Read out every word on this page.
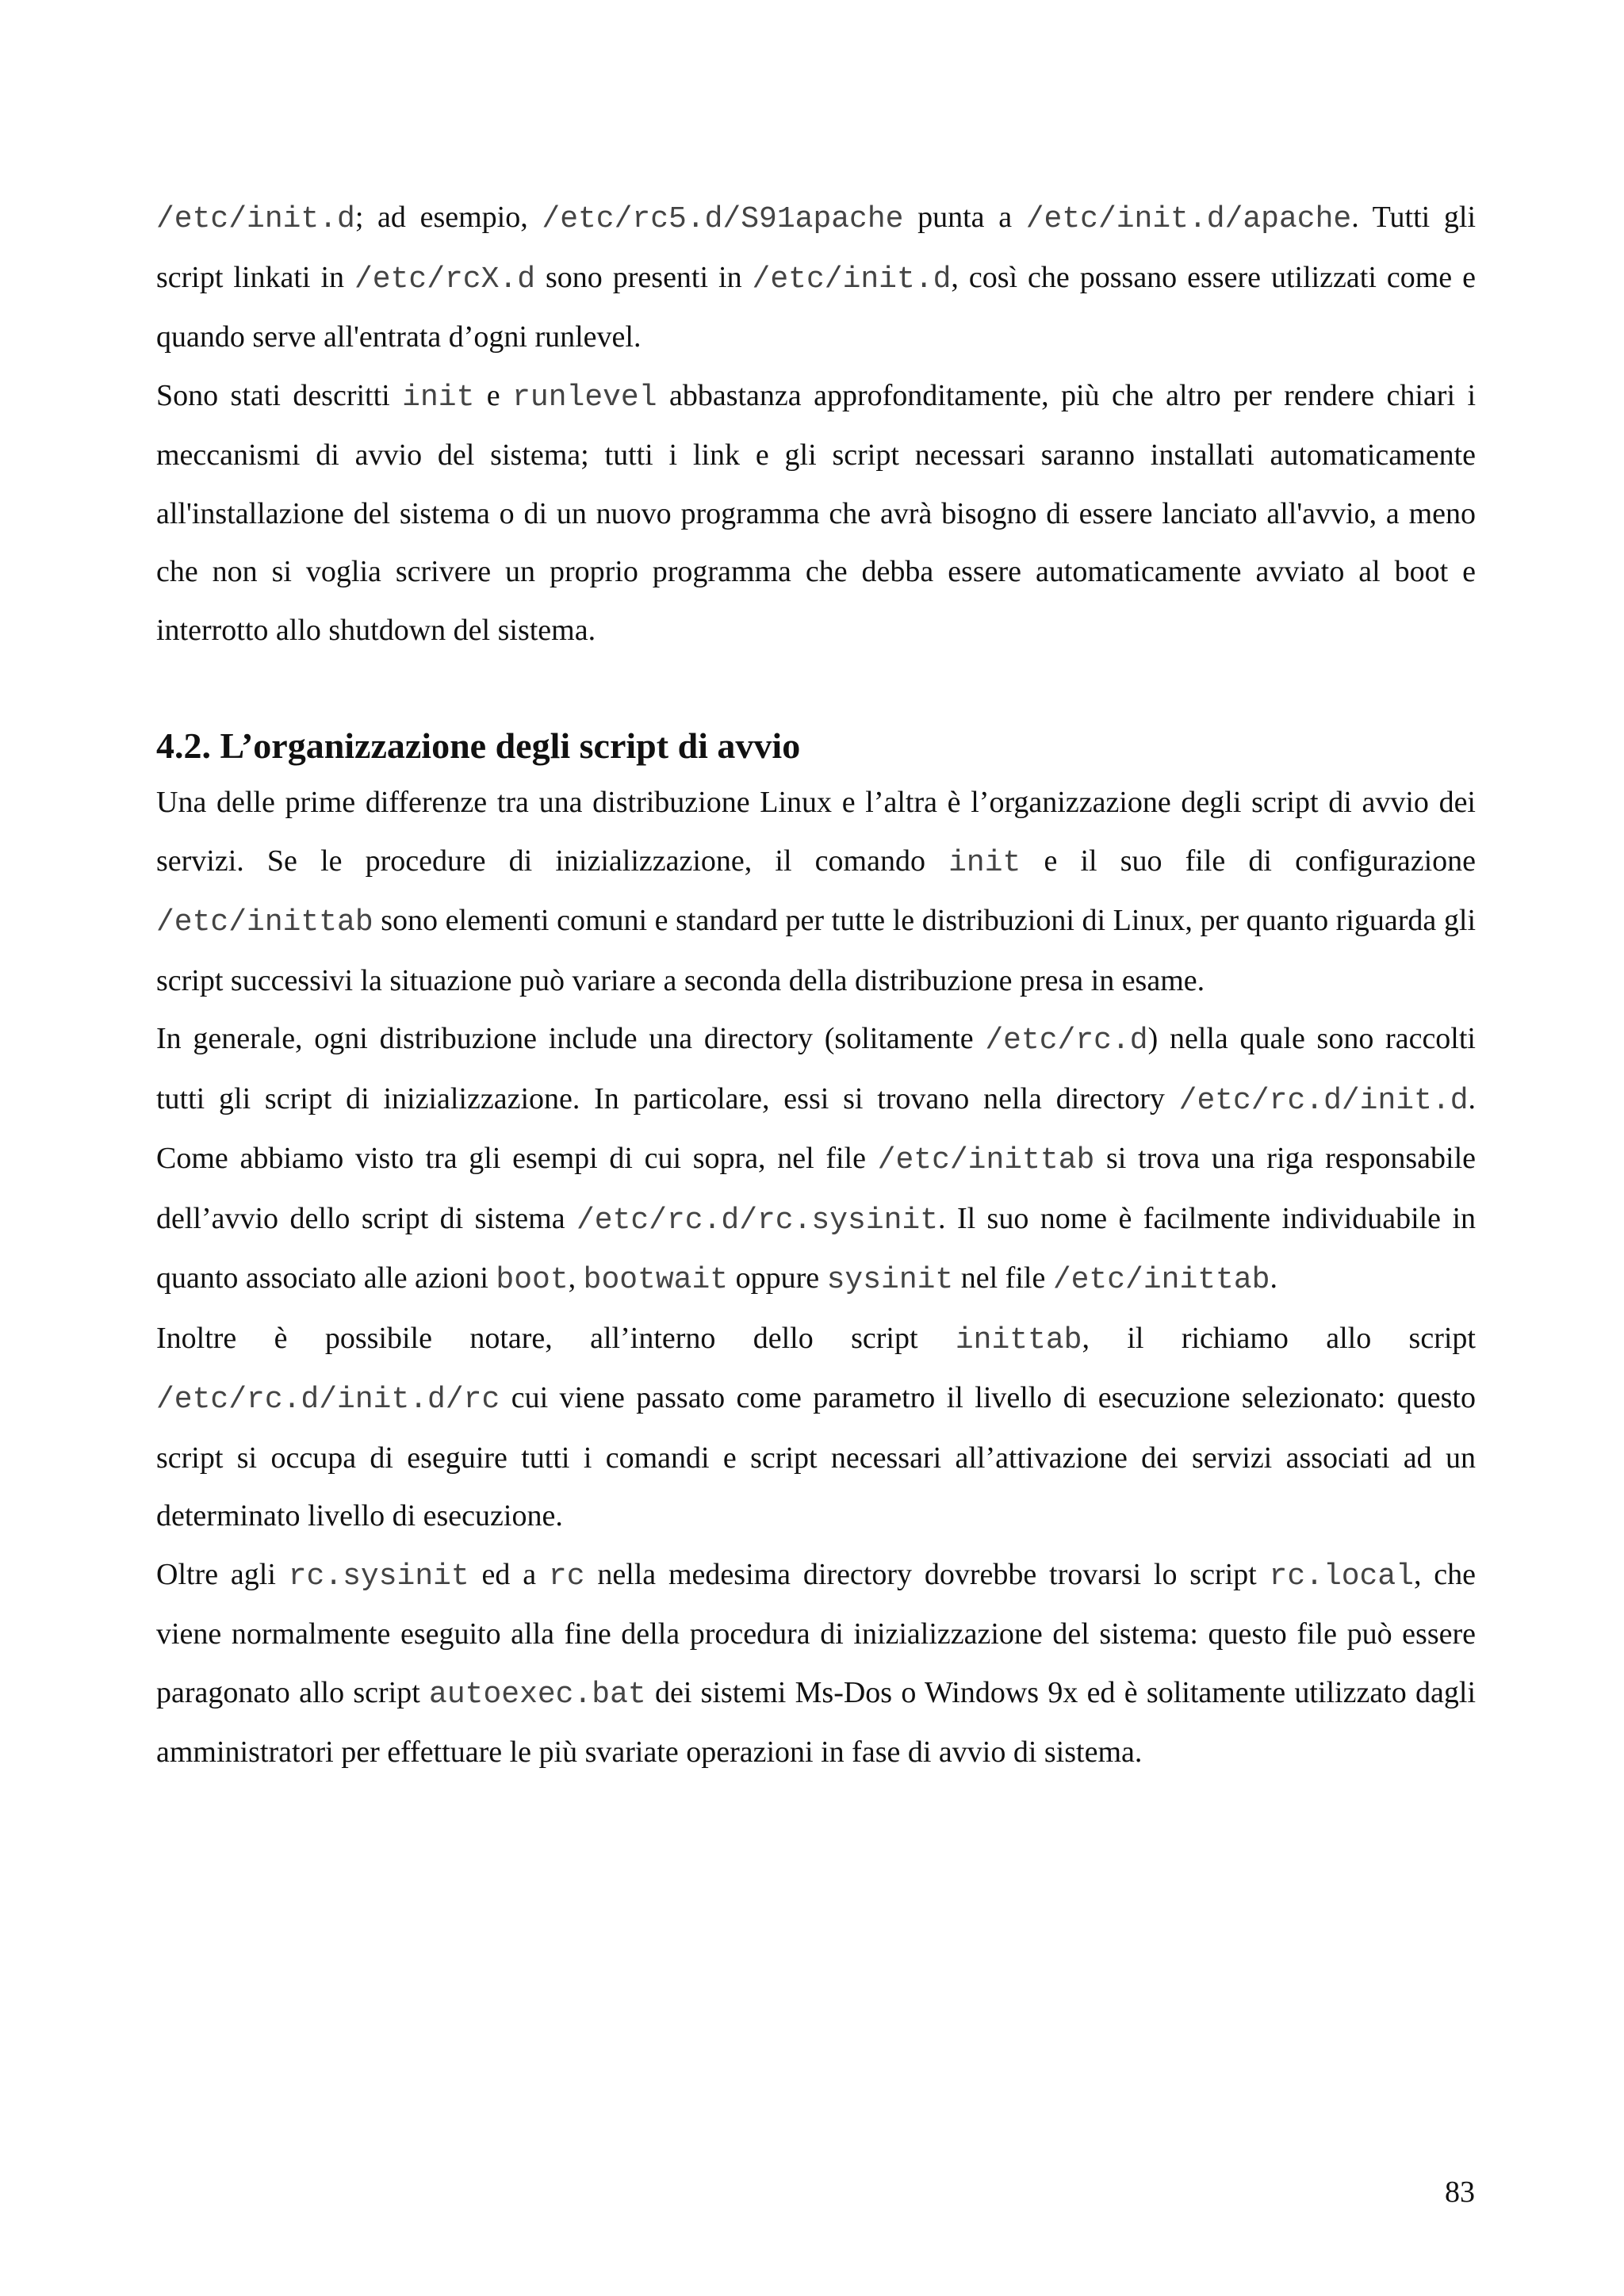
/etc/init.d; ad esempio, /etc/rc5.d/S91apache punta a /etc/init.d/apache. Tutti gli script linkati in /etc/rcX.d sono presenti in /etc/init.d, così che possano essere utilizzati come e quando serve all'entrata d’ogni runlevel.

Sono stati descritti init e runlevel abbastanza approfonditamente, più che altro per rendere chiari i meccanismi di avvio del sistema; tutti i link e gli script necessari saranno installati automaticamente all'installazione del sistema o di un nuovo programma che avrà bisogno di essere lanciato all'avvio, a meno che non si voglia scrivere un proprio programma che debba essere automaticamente avviato al boot e interrotto allo shutdown del sistema.

4.2. L’organizzazione degli script di avvio

Una delle prime differenze tra una distribuzione Linux e l’altra è l’organizzazione degli script di avvio dei servizi. Se le procedure di inizializzazione, il comando init e il suo file di configurazione /etc/inittab sono elementi comuni e standard per tutte le distribuzioni di Linux, per quanto riguarda gli script successivi la situazione può variare a seconda della distribuzione presa in esame.

In generale, ogni distribuzione include una directory (solitamente /etc/rc.d) nella quale sono raccolti tutti gli script di inizializzazione. In particolare, essi si trovano nella directory /etc/rc.d/init.d. Come abbiamo visto tra gli esempi di cui sopra, nel file /etc/inittab si trova una riga responsabile dell’avvio dello script di sistema /etc/rc.d/rc.sysinit. Il suo nome è facilmente individuabile in quanto associato alle azioni boot, bootwait oppure sysinit nel file /etc/inittab.

Inoltre è possibile notare, all’interno dello script inittab, il richiamo allo script /etc/rc.d/init.d/rc cui viene passato come parametro il livello di esecuzione selezionato: questo script si occupa di eseguire tutti i comandi e script necessari all’attivazione dei servizi associati ad un determinato livello di esecuzione.

Oltre agli rc.sysinit ed a rc nella medesima directory dovrebbe trovarsi lo script rc.local, che viene normalmente eseguito alla fine della procedura di inizializzazione del sistema: questo file può essere paragonato allo script autoexec.bat dei sistemi Ms-Dos o Windows 9x ed è solitamente utilizzato dagli amministratori per effettuare le più svariate operazioni in fase di avvio di sistema.

83
